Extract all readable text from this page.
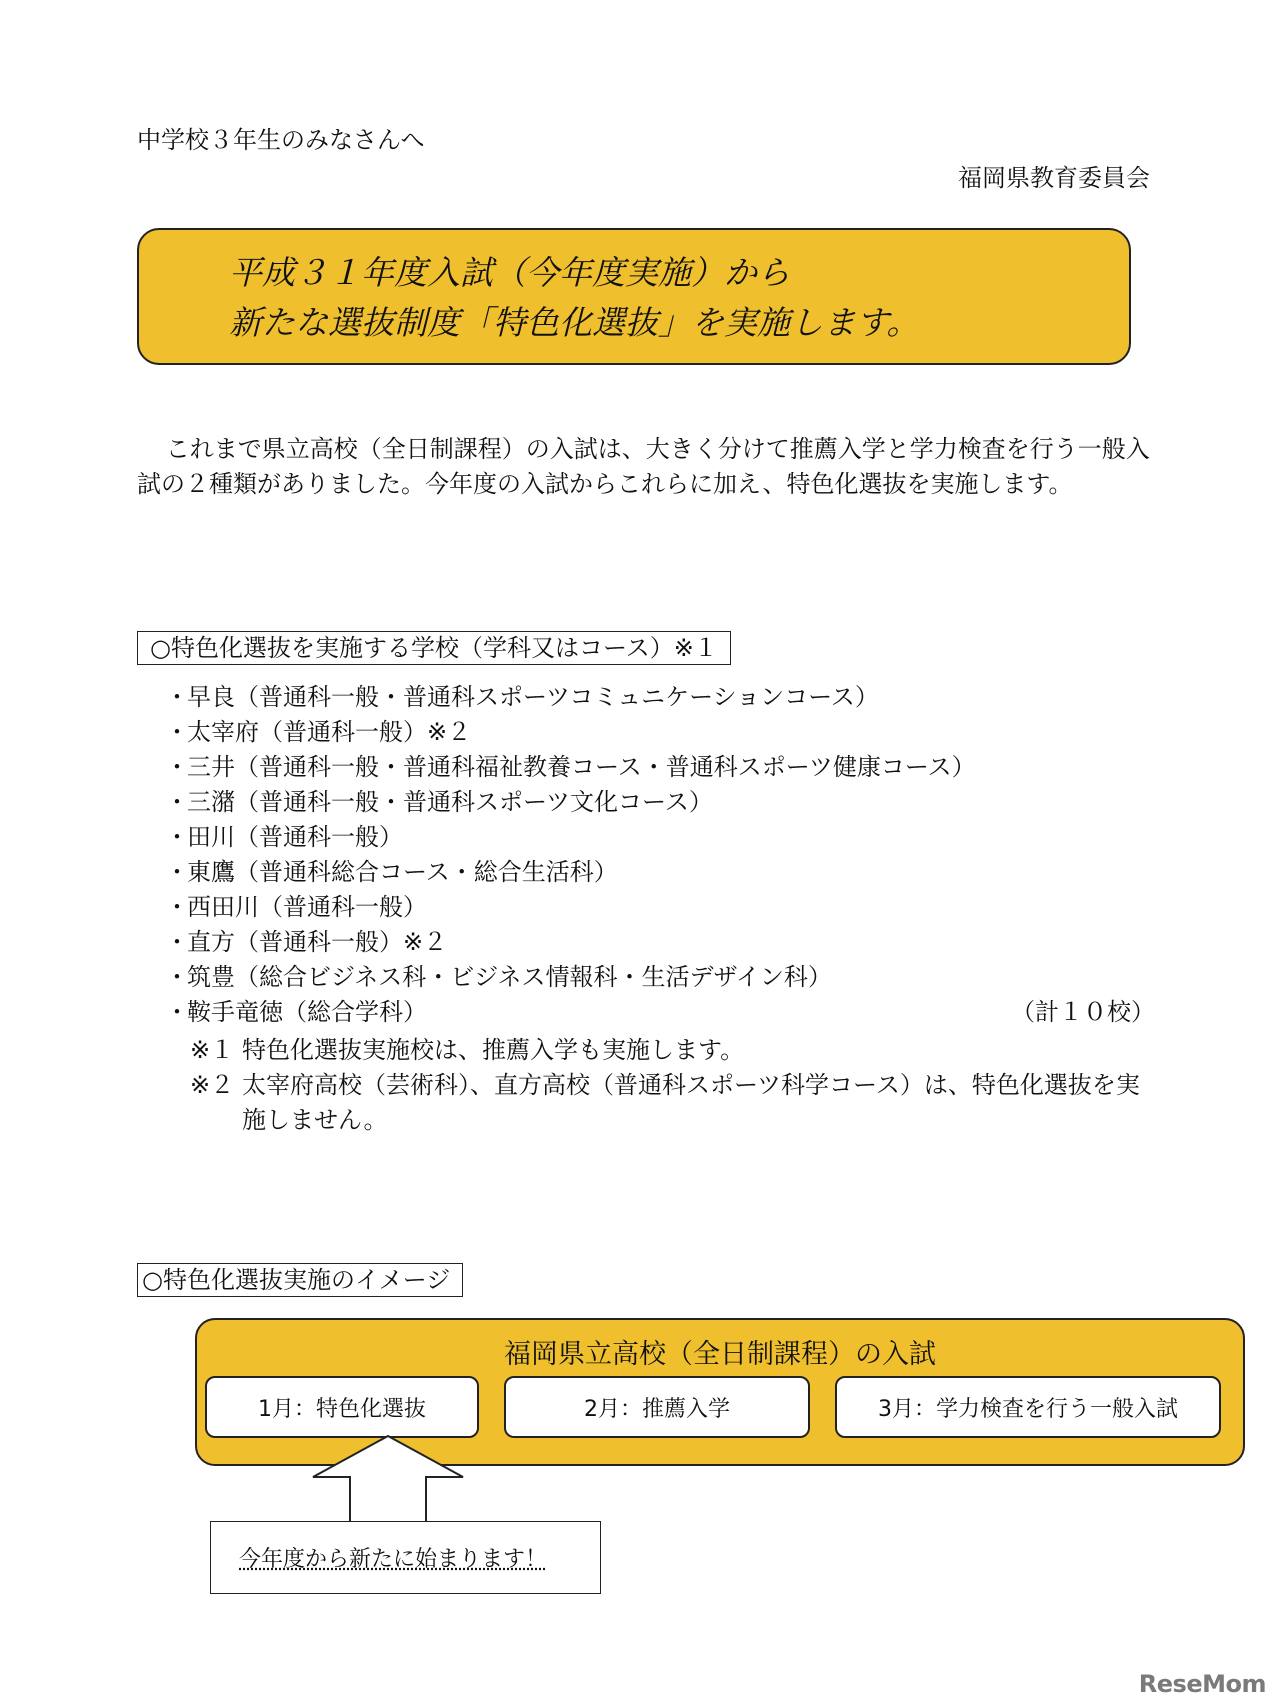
中学校３年生のみなさんへ
福岡県教育委員会
平成３１年度入試（今年度実施）から
新たな選抜制度「特色化選抜」を実施します。
これまで県立高校（全日制課程）の入試は、大きく分けて推薦入学と学力検査を行う一般入試の２種類がありました。今年度の入試からこれらに加え、特色化選抜を実施します。
○特色化選抜を実施する学校（学科又はコース）※１
・早良（普通科一般・普通科スポーツコミュニケーションコース）
・太宰府（普通科一般）※２
・三井（普通科一般・普通科福祉教養コース・普通科スポーツ健康コース）
・三潴（普通科一般・普通科スポーツ文化コース）
・田川（普通科一般）
・東鷹（普通科総合コース・総合生活科）
・西田川（普通科一般）
・直方（普通科一般）※２
・筑豊（総合ビジネス科・ビジネス情報科・生活デザイン科）
・鞍手竜徳（総合学科）	（計１０校）
※１ 特色化選抜実施校は、推薦入学も実施します。
※２ 太宰府高校（芸術科）、直方高校（普通科スポーツ科学コース）は、特色化選抜を実施しません。
○特色化選抜実施のイメージ
福岡県立高校（全日制課程）の入試
1月：特色化選抜	2月：推薦入学	3月：学力検査を行う一般入試
今年度から新たに始まります！
ReseMom
